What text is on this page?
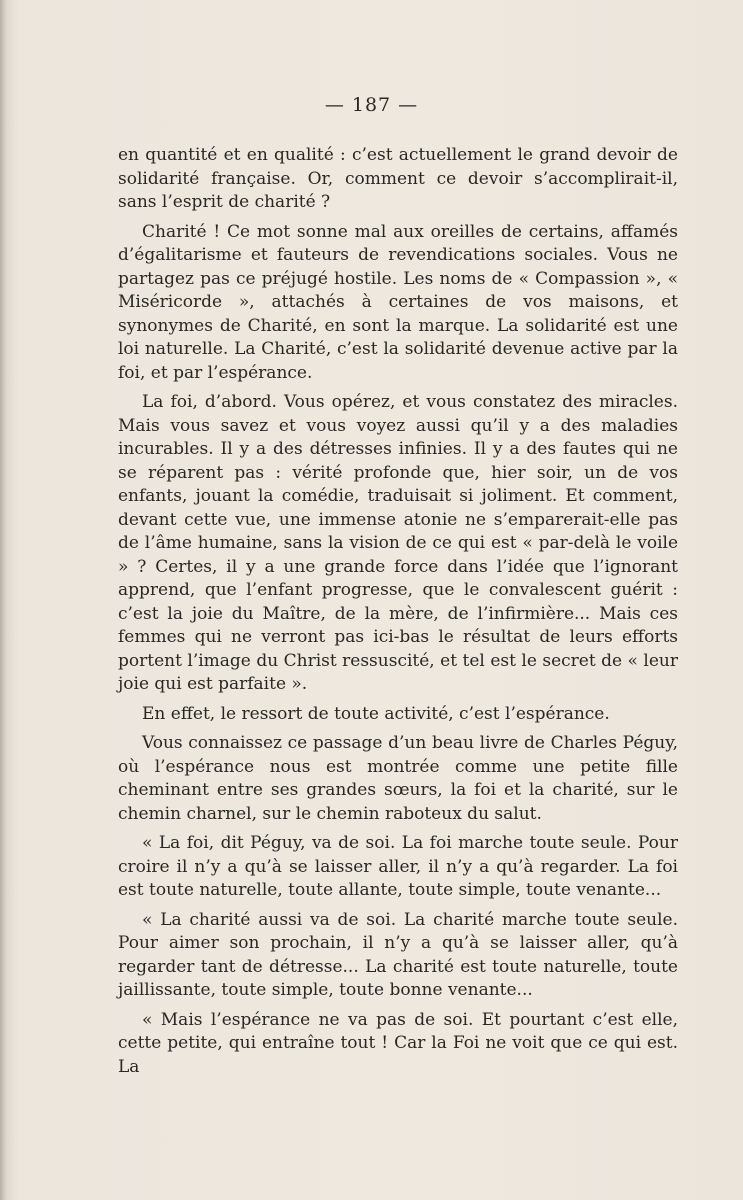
— 187 —

en quantité et en qualité : c’est actuellement le grand devoir de solidarité française. Or, comment ce devoir s’accomplirait-il, sans l’esprit de charité ?

Charité ! Ce mot sonne mal aux oreilles de certains, affamés d’égalitarisme et fauteurs de revendications sociales. Vous ne partagez pas ce préjugé hostile. Les noms de « Compassion », « Miséricorde », attachés à certaines de vos maisons, et synonymes de Charité, en sont la marque. La solidarité est une loi naturelle. La Charité, c’est la solidarité devenue active par la foi, et par l’espérance.

La foi, d’abord. Vous opérez, et vous constatez des miracles. Mais vous savez et vous voyez aussi qu’il y a des maladies incurables. Il y a des détresses infinies. Il y a des fautes qui ne se réparent pas : vérité profonde que, hier soir, un de vos enfants, jouant la comédie, traduisait si joliment. Et comment, devant cette vue, une immense atonie ne s’emparerait-elle pas de l’âme humaine, sans la vision de ce qui est « par-delà le voile » ? Certes, il y a une grande force dans l’idée que l’ignorant apprend, que l’enfant progresse, que le convalescent guérit : c’est la joie du Maître, de la mère, de l’infirmière... Mais ces femmes qui ne verront pas ici-bas le résultat de leurs efforts portent l’image du Christ ressuscité, et tel est le secret de « leur joie qui est parfaite ».

En effet, le ressort de toute activité, c’est l’espérance.

Vous connaissez ce passage d’un beau livre de Charles Péguy, où l’espérance nous est montrée comme une petite fille cheminant entre ses grandes sœurs, la foi et la charité, sur le chemin charnel, sur le chemin raboteux du salut.

« La foi, dit Péguy, va de soi. La foi marche toute seule. Pour croire il n’y a qu’à se laisser aller, il n’y a qu’à regarder. La foi est toute naturelle, toute allante, toute simple, toute venante...

« La charité aussi va de soi. La charité marche toute seule. Pour aimer son prochain, il n’y a qu’à se laisser aller, qu’à regarder tant de détresse... La charité est toute naturelle, toute jaillissante, toute simple, toute bonne venante...

« Mais l’espérance ne va pas de soi. Et pourtant c’est elle, cette petite, qui entraîne tout ! Car la Foi ne voit que ce qui est. La
